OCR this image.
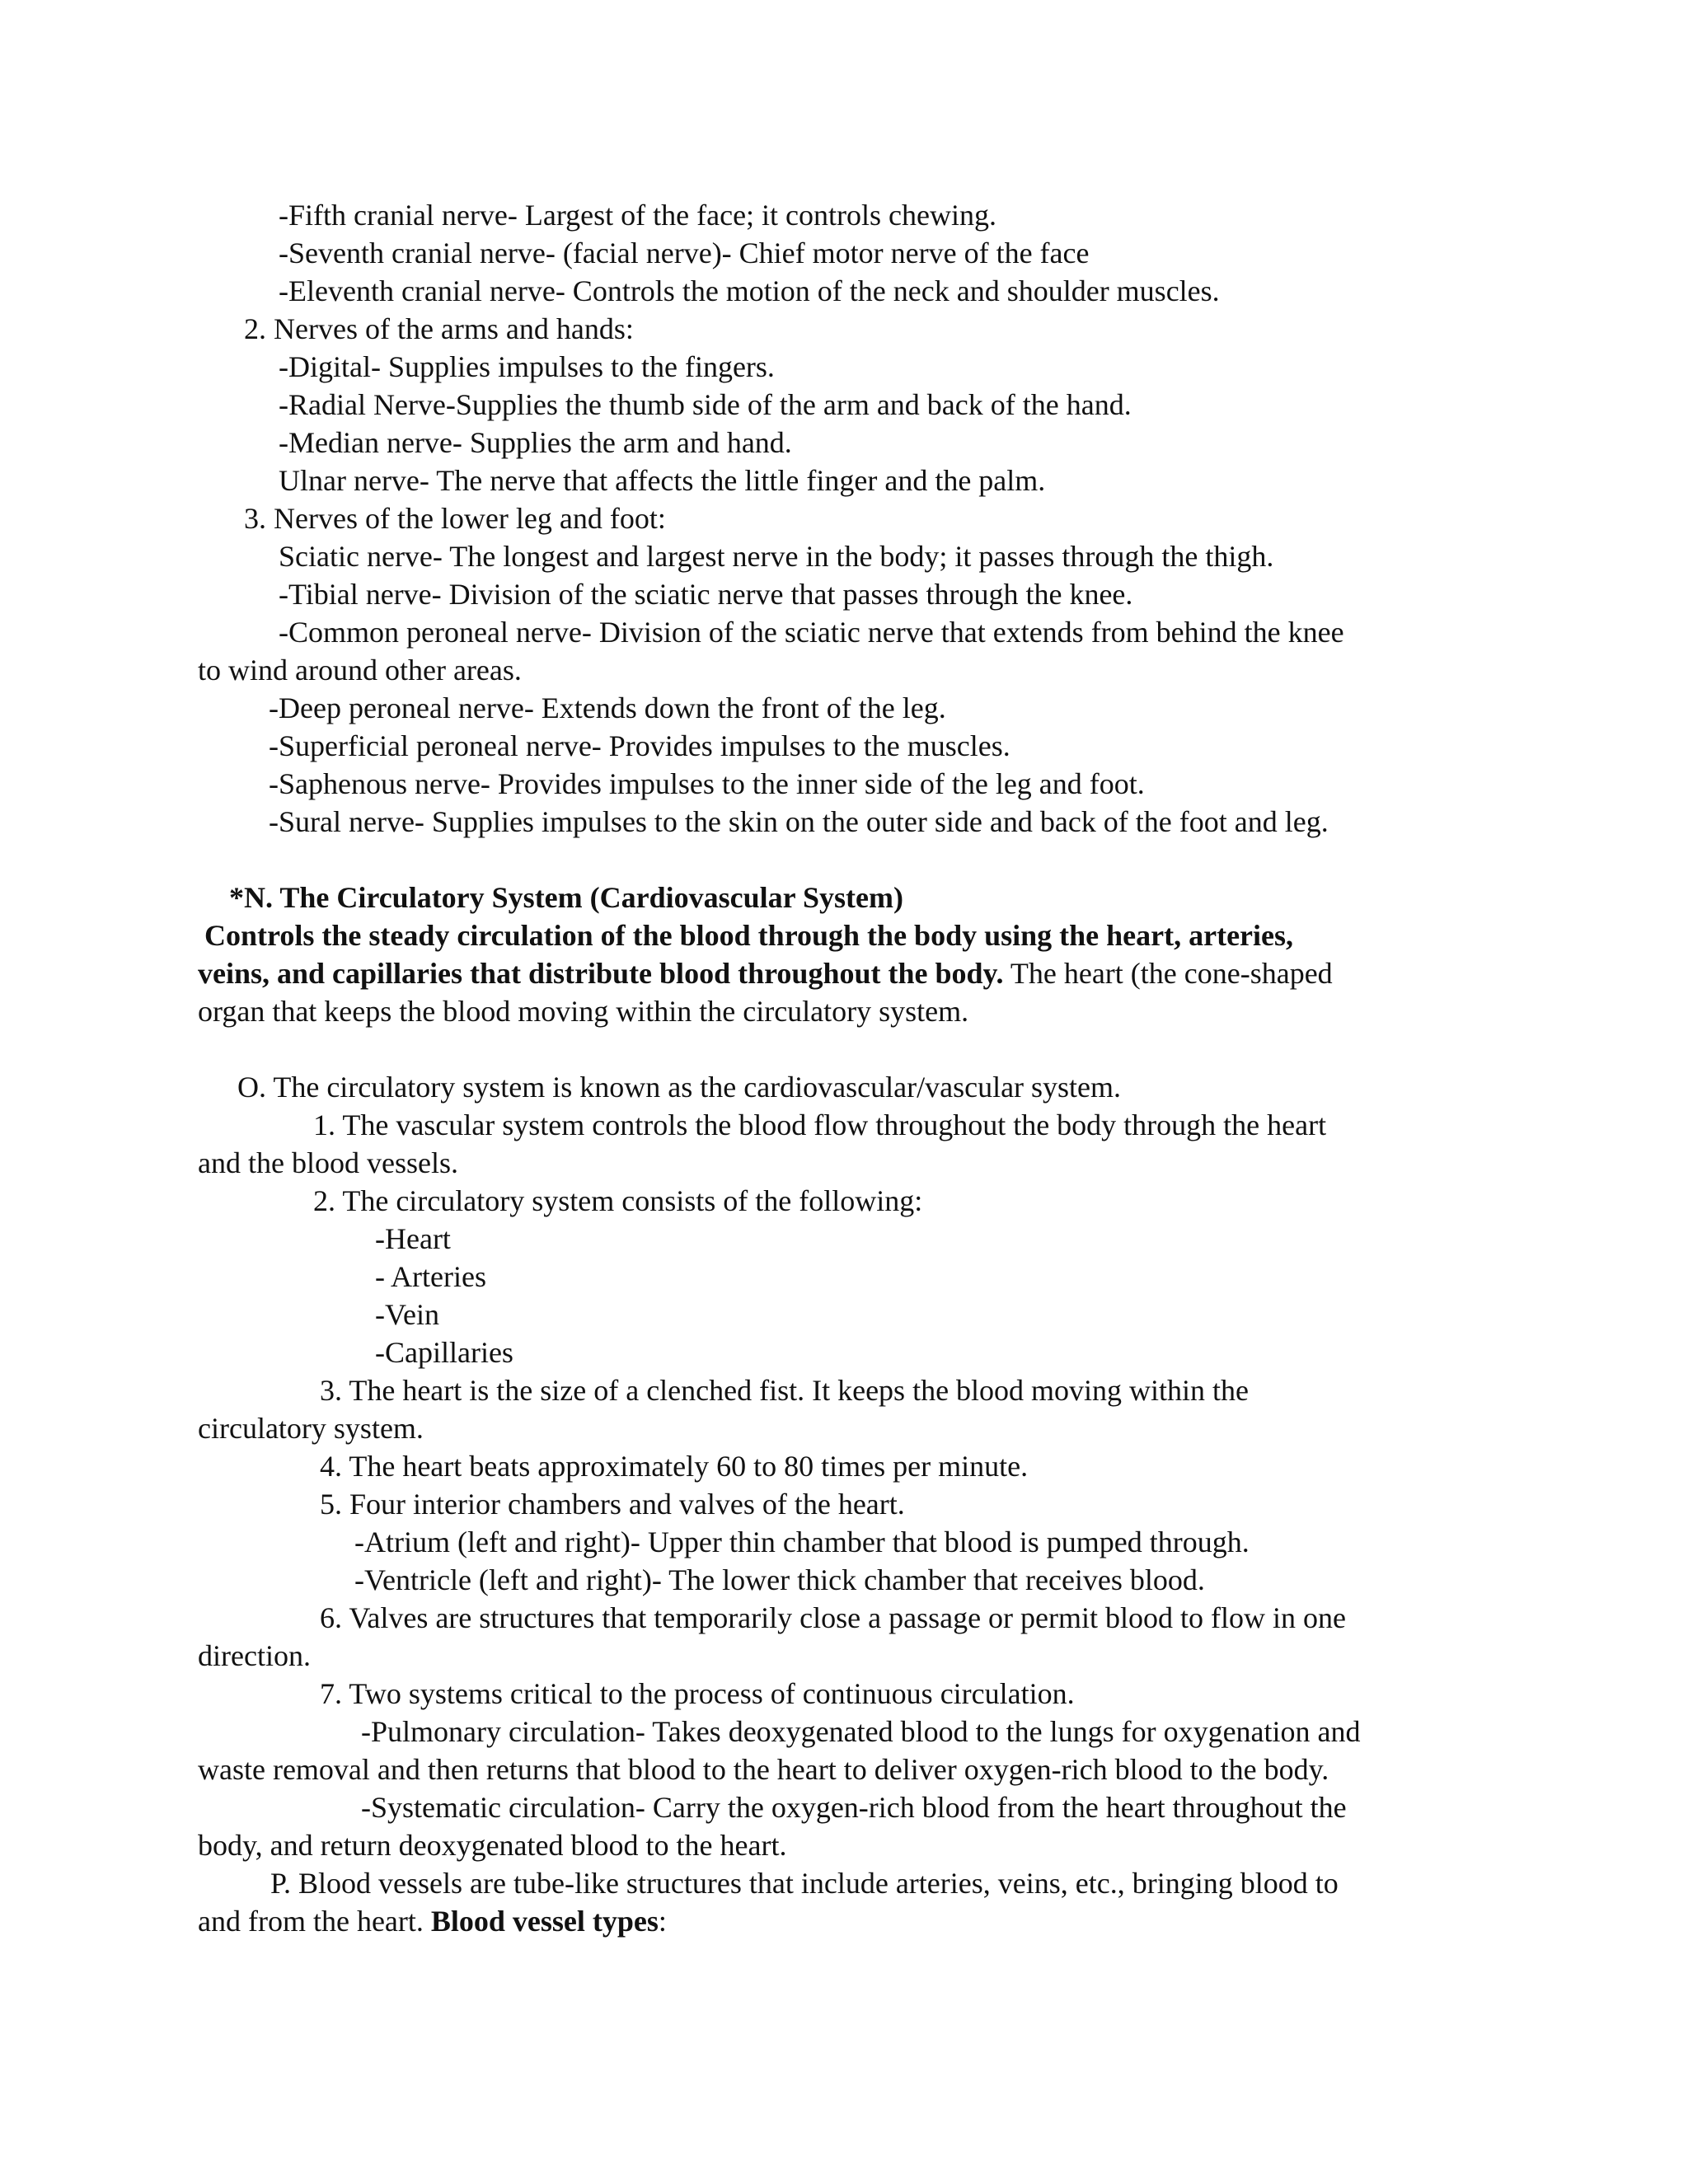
-Fifth cranial nerve- Largest of the face; it controls chewing.
-Seventh cranial nerve- (facial nerve)- Chief motor nerve of the face
-Eleventh cranial nerve- Controls the motion of the neck and shoulder muscles.
2. Nerves of the arms and hands:
-Digital- Supplies impulses to the fingers.
-Radial Nerve-Supplies the thumb side of the arm and back of the hand.
-Median nerve- Supplies the arm and hand.
Ulnar nerve- The nerve that affects the little finger and the palm.
3. Nerves of the lower leg and foot:
Sciatic nerve- The longest and largest nerve in the body; it passes through the thigh.
-Tibial nerve- Division of the sciatic nerve that passes through the knee.
-Common peroneal nerve- Division of the sciatic nerve that extends from behind the knee
to wind around other areas.
-Deep peroneal nerve- Extends down the front of the leg.
-Superficial peroneal nerve- Provides impulses to the muscles.
-Saphenous nerve- Provides impulses to the inner side of the leg and foot.
-Sural nerve- Supplies impulses to the skin on the outer side and back of the foot and leg.
*N. The Circulatory System (Cardiovascular System)
Controls the steady circulation of the blood through the body using the heart, arteries,
veins, and capillaries that distribute blood throughout the body. The heart (the cone-shaped
organ that keeps the blood moving within the circulatory system.
O. The circulatory system is known as the cardiovascular/vascular system.
1. The vascular system controls the blood flow throughout the body through the heart
and the blood vessels.
2. The circulatory system consists of the following:
-Heart
- Arteries
-Vein
-Capillaries
3. The heart is the size of a clenched fist. It keeps the blood moving within the
circulatory system.
4. The heart beats approximately 60 to 80 times per minute.
5. Four interior chambers and valves of the heart.
-Atrium (left and right)- Upper thin chamber that blood is pumped through.
-Ventricle (left and right)- The lower thick chamber that receives blood.
6. Valves are structures that temporarily close a passage or permit blood to flow in one
direction.
7. Two systems critical to the process of continuous circulation.
-Pulmonary circulation- Takes deoxygenated blood to the lungs for oxygenation and
waste removal and then returns that blood to the heart to deliver oxygen-rich blood to the body.
-Systematic circulation- Carry the oxygen-rich blood from the heart throughout the
body, and return deoxygenated blood to the heart.
P. Blood vessels are tube-like structures that include arteries, veins, etc., bringing blood to
and from the heart. Blood vessel types:
